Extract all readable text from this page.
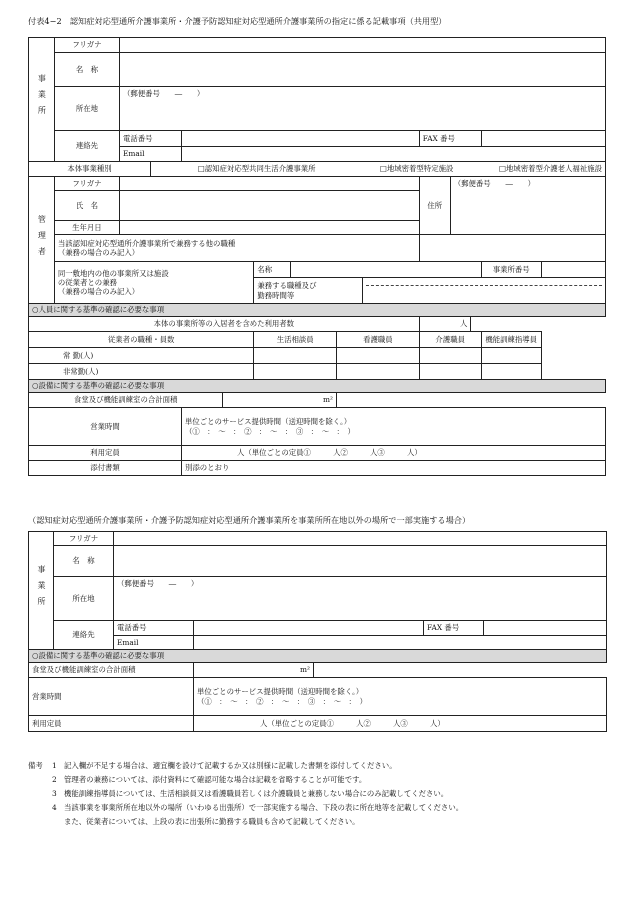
付表4−2　認知症対応型通所介護事業所・介護予防認知症対応型通所介護事業所の指定に係る記載事項（共用型）
事業所	フリガナ													
	名　称													
	所在地	（郵便番号　　―　　）												
	連絡先	電話番号								FAX 番号				
		Email												
本体事業種別			□認知症対応型共同生活介護事業所						□地域密着型特定施設			□地域密着型介護老人福祉施設		
管理者	フリガナ									住所	（郵便番号　　―　　）			
	氏　名													
	生年月日													

	当該認知症対応型通所介護事業所で兼務する他の職種
（兼務の場合のみ記入）													

	同一敷地内の他の事業所又は施設
の従業者との兼務
（兼務の場合のみ記入）					名称							事業所番号	

						兼務する職種及び
勤務時間等								

○人員に関する基準の確認に必要な事項														
本体の事業所等の入居者を含めた利用者数										人				
従業者の職種・員数						生活相談員		看護職員		介護職員			機能訓練指導員	
常 勤(人)														
非常勤(人)														
○設備に関する基準の確認に必要な事項														
食堂及び機能訓練室の合計面積					m²									
営業時間				単位ごとのサービス提供時間（送迎時間を除く。）
（①　：　〜　：　②　：　〜　：　③　：　〜　：　）										

利用定員				人（単位ごとの定員①　　　人②　　　人③　　　人）										
添付書類				別添のとおり										
（認知症対応型通所介護事業所・介護予防認知症対応型通所介護事業所を事業所所在地以外の場所で一部実施する場合）
事業所	フリガナ					
	名　称					
	所在地	（郵便番号　　―　　）				
	連絡先	電話番号			FAX 番号	
		Email				
○設備に関する基準の確認に必要な事項						
食堂及び機能訓練室の合計面積			m²			
営業時間			単位ごとのサービス提供時間（送迎時間を除く。）
（①　：　〜　：　②　：　〜　：　③　：　〜　：　）			

利用定員			人（単位ごとの定員①　　　人②　　　人③　　　人）			
備考 1 記入欄が不足する場合は、適宜欄を設けて記載するか又は別様に記載した書類を添付してください。
2 管理者の兼務については、添付資料にて確認可能な場合は記載を省略することが可能です。
3 機能訓練指導員については、生活相談員又は看護職員若しくは介護職員と兼務しない場合にのみ記載してください。
4 当該事業を事業所所在地以外の場所（いわゆる出張所）で一部実施する場合、下段の表に所在地等を記載してください。
また、従業者については、上段の表に出張所に勤務する職員も含めて記載してください。
